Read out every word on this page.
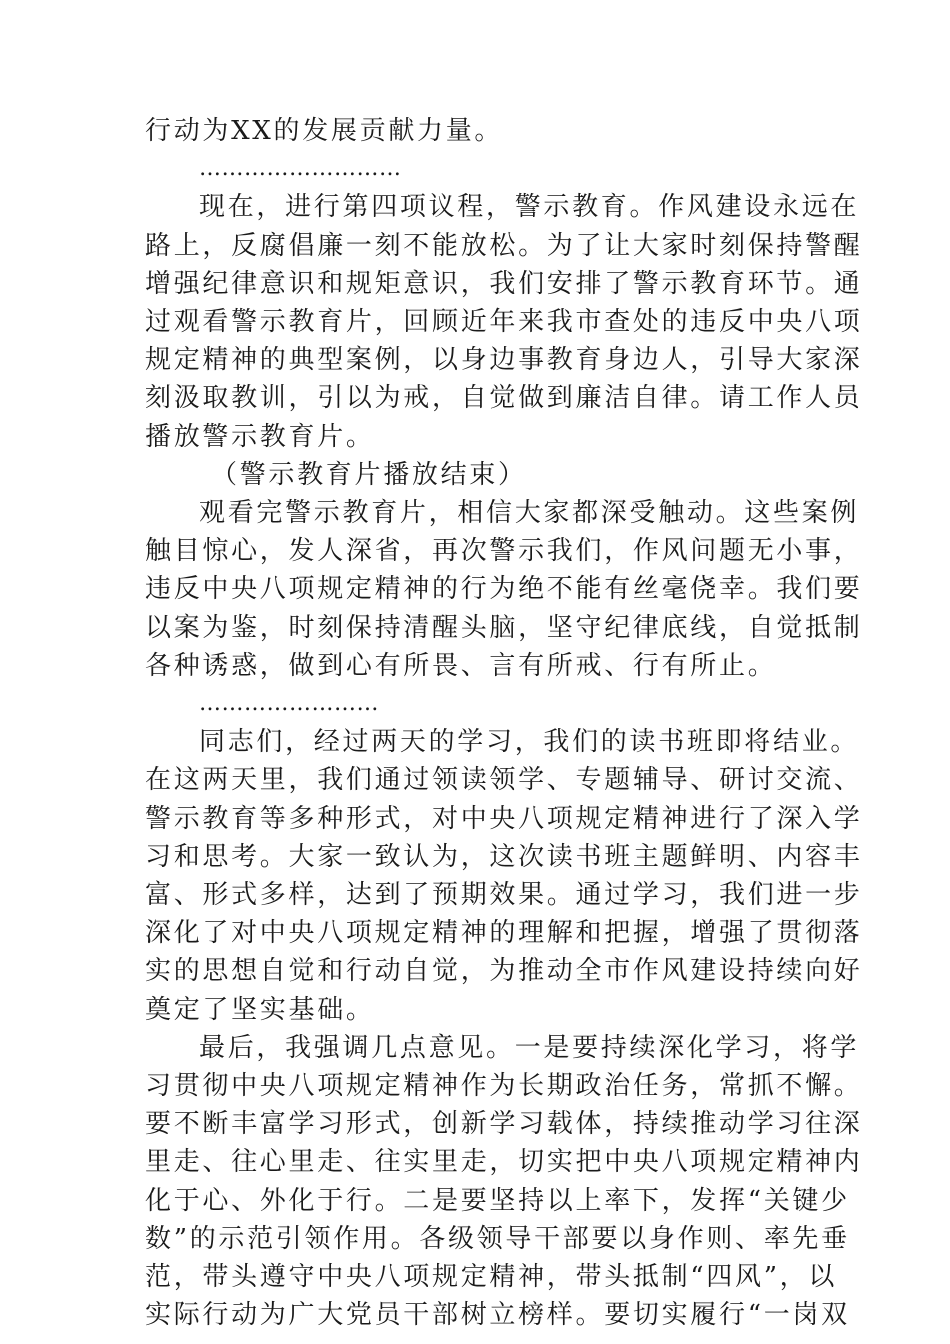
行动为XX的发展贡献力量。

………………………

现在，进行第四项议程，警示教育。作风建设永远在

路上，反腐倡廉一刻不能放松。为了让大家时刻保持警醒

增强纪律意识和规矩意识，我们安排了警示教育环节。通

过观看警示教育片，回顾近年来我市查处的违反中央八项

规定精神的典型案例，以身边事教育身边人，引导大家深

刻汲取教训，引以为戒，自觉做到廉洁自律。请工作人员

播放警示教育片。

（警示教育片播放结束）

观看完警示教育片，相信大家都深受触动。这些案例

触目惊心，发人深省，再次警示我们，作风问题无小事，

违反中央八项规定精神的行为绝不能有丝毫侥幸。我们要

以案为鉴，时刻保持清醒头脑，坚守纪律底线，自觉抵制

各种诱惑，做到心有所畏、言有所戒、行有所止。

……………………

同志们，经过两天的学习，我们的读书班即将结业。

在这两天里，我们通过领读领学、专题辅导、研讨交流、

警示教育等多种形式，对中央八项规定精神进行了深入学

习和思考。大家一致认为，这次读书班主题鲜明、内容丰

富、形式多样，达到了预期效果。通过学习，我们进一步

深化了对中央八项规定精神的理解和把握，增强了贯彻落

实的思想自觉和行动自觉，为推动全市作风建设持续向好

奠定了坚实基础。

最后，我强调几点意见。一是要持续深化学习，将学

习贯彻中央八项规定精神作为长期政治任务，常抓不懈。

要不断丰富学习形式，创新学习载体，持续推动学习往深

里走、往心里走、往实里走，切实把中央八项规定精神内

化于心、外化于行。二是要坚持以上率下，发挥“关键少

数”的示范引领作用。各级领导干部要以身作则、率先垂

范，带头遵守中央八项规定精神，带头抵制“四风”，以

实际行动为广大党员干部树立榜样。要切实履行“一岗双
